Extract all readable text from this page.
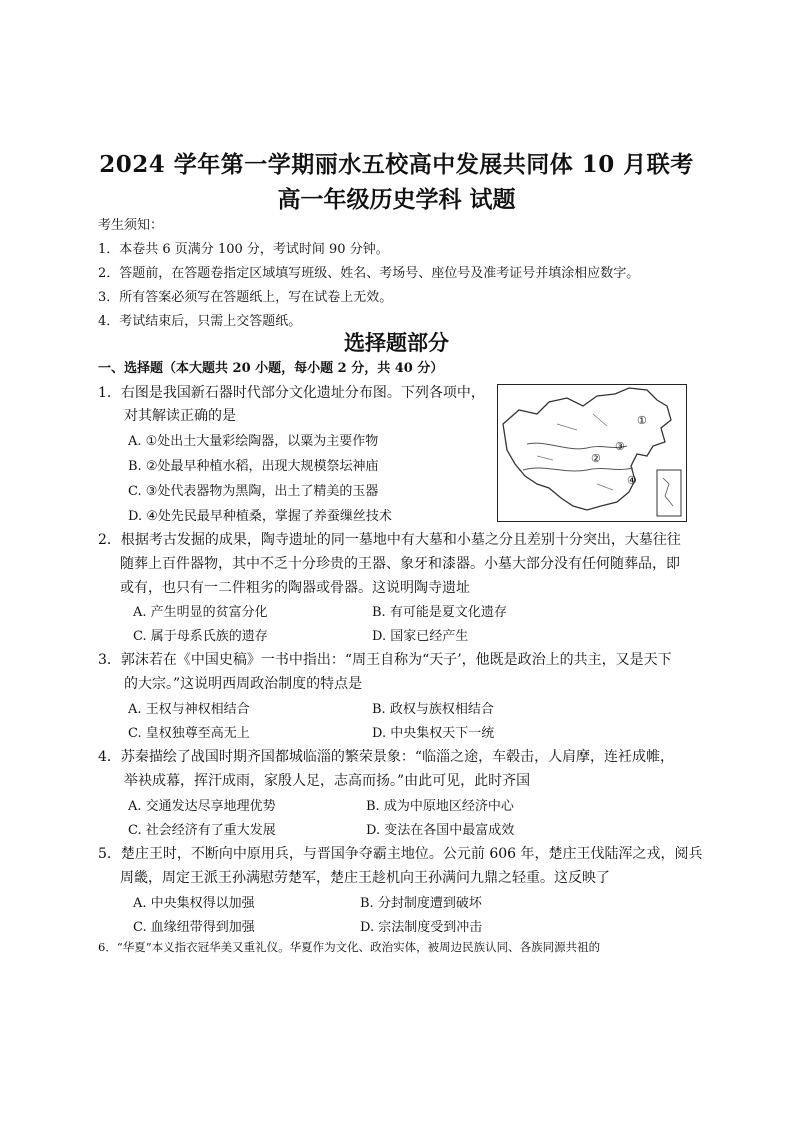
2024 学年第一学期丽水五校高中发展共同体 10 月联考
高一年级历史学科 试题
考生须知：
1．本卷共 6 页满分 100 分，考试时间 90 分钟。
2．答题前，在答题卷指定区域填写班级、姓名、考场号、座位号及准考证号并填涂相应数字。
3．所有答案必须写在答题纸上，写在试卷上无效。
4．考试结束后，只需上交答题纸。
选择题部分
一、选择题（本大题共 20 小题，每小题 2 分，共 40 分）
1．右图是我国新石器时代部分文化遗址分布图。下列各项中，
对其解读正确的是
A. ①处出土大量彩绘陶器，以粟为主要作物
B. ②处最早种植水稻，出现大规模祭坛神庙
C. ③处代表器物为黑陶，出土了精美的玉器
D. ④处先民最早种植桑，掌握了养蚕缫丝技术
①
②
③
④
2．根据考古发掘的成果，陶寺遗址的同一墓地中有大墓和小墓之分且差别十分突出，大墓往往
随葬上百件器物，其中不乏十分珍贵的王器、象牙和漆器。小墓大部分没有任何随葬品，即
或有，也只有一二件粗劣的陶器或骨器。这说明陶寺遗址
A. 产生明显的贫富分化	B. 有可能是夏文化遗存
C. 属于母系氏族的遗存	D. 国家已经产生
3．郭沫若在《中国史稿》一书中指出：“周王自称为“天子’，他既是政治上的共主，又是天下
的大宗。”这说明西周政治制度的特点是
A. 王权与神权相结合	B. 政权与族权相结合
C. 皇权独尊至高无上	D. 中央集权天下一统
4．苏秦描绘了战国时期齐国都城临淄的繁荣景象：“临淄之途，车毂击，人肩摩，连衽成帷，
举袂成幕，挥汗成雨，家殷人足，志高而扬。”由此可见，此时齐国
A. 交通发达尽享地理优势	B. 成为中原地区经济中心
C. 社会经济有了重大发展	D. 变法在各国中最富成效
5．楚庄王时，不断向中原用兵，与晋国争夺霸主地位。公元前 606 年，楚庄王伐陆浑之戎，阅兵
周畿，周定王派王孙满慰劳楚军，楚庄王趁机向王孙满问九鼎之轻重。这反映了
A. 中央集权得以加强	B. 分封制度遭到破坏
C. 血缘纽带得到加强	D. 宗法制度受到冲击
6．“华夏”本义指衣冠华美又重礼仪。华夏作为文化、政治实体，被周边民族认同、各族同源共祖的
